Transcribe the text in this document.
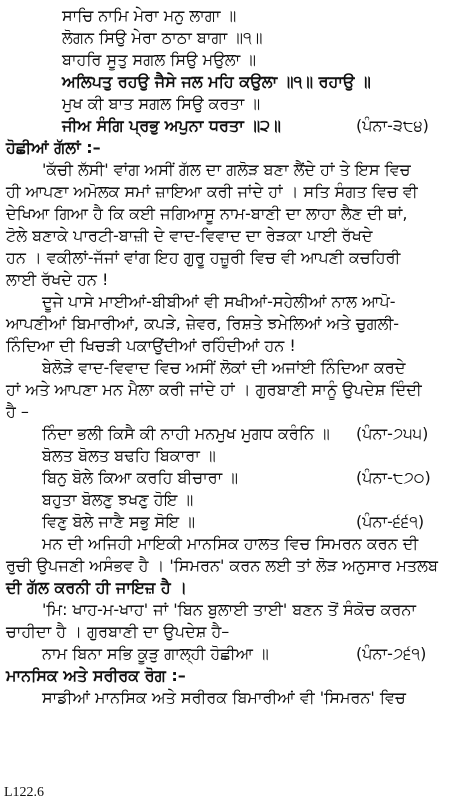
ਸਾਚਿ ਨਾਮਿ ਮੇਰਾ ਮਨੁ ਲਾਗਾ ॥
ਲੋਗਨ ਸਿਉ ਮੇਰਾ ਠਾਠਾ ਬਾਗਾ ॥੧॥
ਬਾਹਰਿ ਸੂਤੁ ਸਗਲ ਸਿਉ ਮਉਲਾ ॥
ਅਲਿਪਤੁ ਰਹਉ ਜੈਸੇ ਜਲ ਮਹਿ ਕਉਲਾ ॥੧॥ ਰਹਾਉ ॥
ਮੁਖ ਕੀ ਬਾਤ ਸਗਲ ਸਿਉ ਕਰਤਾ ॥
ਜੀਅ ਸੰਗਿ ਪ੍ਰਭੁ ਅਪੁਨਾ ਧਰਤਾ ॥੨॥	(ਪੰਨਾ-੩੮੪)
ਹੋਛੀਆਂ ਗੱਲਾਂ :–
'ਕੱਚੀ ਲੱਸੀ' ਵਾਂਗ ਅਸੀਂ ਗੱਲ ਦਾ ਗਲੋੜ ਬਣਾ ਲੈਂਦੇ ਹਾਂ ਤੇ ਇਸ ਵਿਚ
ਹੀ ਆਪਣਾ ਅਮੋਲਕ ਸਮਾਂ ਜ਼ਾਇਆ ਕਰੀ ਜਾਂਦੇ ਹਾਂ । ਸਤਿ ਸੰਗਤ ਵਿਚ ਵੀ
ਦੇਖਿਆ ਗਿਆ ਹੈ ਕਿ ਕਈ ਜਗਿਆਸੂ ਨਾਮ-ਬਾਣੀ ਦਾ ਲਾਹਾ ਲੈਣ ਦੀ ਥਾਂ,
ਟੋਲੇ ਬਣਾਕੇ ਪਾਰਟੀ-ਬਾਜ਼ੀ ਦੇ ਵਾਦ-ਵਿਵਾਦ ਦਾ ਰੇੜਕਾ ਪਾਈ ਰੱਖਦੇ
ਹਨ । ਵਕੀਲਾਂ-ਜੱਜਾਂ ਵਾਂਗ ਇਹ ਗੁਰੂ ਹਜ਼ੂਰੀ ਵਿਚ ਵੀ ਆਪਣੀ ਕਚਹਿਰੀ
ਲਾਈ ਰੱਖਦੇ ਹਨ !
ਦੂਜੇ ਪਾਸੇ ਮਾਈਆਂ-ਬੀਬੀਆਂ ਵੀ ਸਖੀਆਂ-ਸਹੇਲੀਆਂ ਨਾਲ ਆਪੋ-
ਆਪਣੀਆਂ ਬਿਮਾਰੀਆਂ, ਕਪੜੇ, ਜ਼ੇਵਰ, ਰਿਸ਼ਤੇ ਝਮੇਲਿਆਂ ਅਤੇ ਚੁਗਲੀ-
ਨਿੰਦਿਆ ਦੀ ਖਿਚੜੀ ਪਕਾਉਂਦੀਆਂ ਰਹਿੰਦੀਆਂ ਹਨ !
ਬੇਲੋੜੇ ਵਾਦ-ਵਿਵਾਦ ਵਿਚ ਅਸੀਂ ਲੋਕਾਂ ਦੀ ਅਜਾਂਈ ਨਿੰਦਿਆ ਕਰਦੇ
ਹਾਂ ਅਤੇ ਆਪਣਾ ਮਨ ਮੈਲਾ ਕਰੀ ਜਾਂਦੇ ਹਾਂ । ਗੁਰਬਾਣੀ ਸਾਨੂੰ ਉਪਦੇਸ਼ ਦਿੰਦੀ
ਹੈ –
ਨਿੰਦਾ ਭਲੀ ਕਿਸੈ ਕੀ ਨਾਹੀ ਮਨਮੁਖ ਮੁਗਧ ਕਰੰਨਿ ॥ (ਪੰਨਾ-੭੫੫)
ਬੋਲਤ ਬੋਲਤ ਬਢਹਿ ਬਿਕਾਰਾ ॥
ਬਿਨੁ ਬੋਲੇ ਕਿਆ ਕਰਹਿ ਬੀਚਾਰਾ ॥	(ਪੰਨਾ-੮੭੦)
ਬਹੁਤਾ ਬੋਲਣੁ ਝਖਣੁ ਹੋਇ ॥
ਵਿਣੁ ਬੋਲੇ ਜਾਣੈ ਸਭੁ ਸੋਇ ॥	(ਪੰਨਾ-੬੬੧)
ਮਨ ਦੀ ਅਜਿਹੀ ਮਾਇਕੀ ਮਾਨਸਿਕ ਹਾਲਤ ਵਿਚ ਸਿਮਰਨ ਕਰਨ ਦੀ
ਰੁਚੀ ਉਪਜਣੀ ਅਸੰਭਵ ਹੈ । 'ਸਿਮਰਨ' ਕਰਨ ਲਈ ਤਾਂ ਲੋੜ ਅਨੁਸਾਰ ਮਤਲਬ
ਦੀ ਗੱਲ ਕਰਨੀ ਹੀ ਜਾਇਜ਼ ਹੈ ।
'ਮਿ: ਖਾਹ-ਮ-ਖਾਹ' ਜਾਂ 'ਬਿਨ ਬੁਲਾਈ ਤਾਈ' ਬਣਨ ਤੋਂ ਸੰਕੋਚ ਕਰਨਾ
ਚਾਹੀਦਾ ਹੈ । ਗੁਰਬਾਣੀ ਦਾ ਉਪਦੇਸ਼ ਹੈ–
ਨਾਮ ਬਿਨਾ ਸਭਿ ਕੂੜੁ ਗਾਲ੍ਹੀ ਹੋਛੀਆ ॥	(ਪੰਨਾ-੭੬੧)
ਮਾਨਸਿਕ ਅਤੇ ਸਰੀਰਕ ਰੋਗ :–
ਸਾਡੀਆਂ ਮਾਨਸਿਕ ਅਤੇ ਸਰੀਰਕ ਬਿਮਾਰੀਆਂ ਵੀ 'ਸਿਮਰਨ' ਵਿਚ
L122.6
